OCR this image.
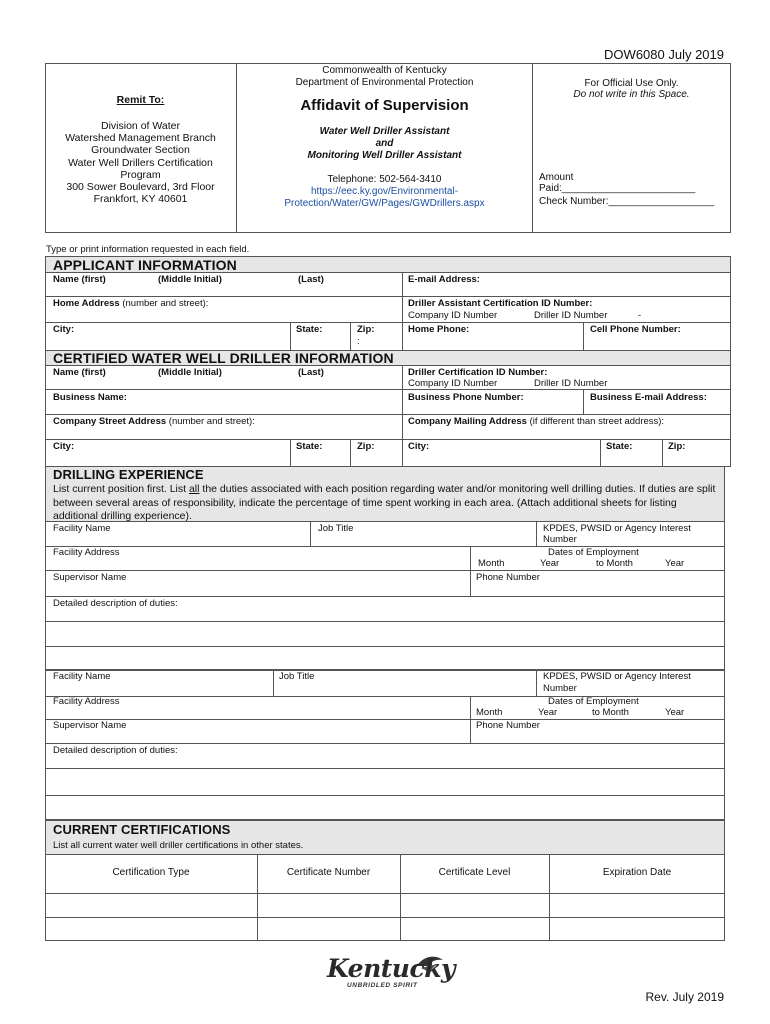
DOW6080 July 2019
Remit To:
Division of Water
Watershed Management Branch
Groundwater Section
Water Well Drillers Certification
Program
300 Sower Boulevard, 3rd Floor
Frankfort, KY 40601
Commonwealth of Kentucky
Department of Environmental Protection
Affidavit of Supervision
Water Well Driller Assistant
and
Monitoring Well Driller Assistant
Telephone: 502-564-3410
https://eec.ky.gov/Environmental-
Protection/Water/GW/Pages/GWDrillers.aspx
For Official Use Only.
Do not write in this Space.
Amount Paid:________________________
Check Number:___________________
Type or print information requested in each field.
APPLICANT INFORMATION
Name (first)	(Middle Initial)	(Last)	E-mail Address:
Home Address (number and street):	Driller Assistant Certification ID Number:
Company ID Number	Driller ID Number	-
City:	State:	Zip:
:
Home Phone:	Cell Phone Number:
CERTIFIED WATER WELL DRILLER INFORMATION
Name (first)	(Middle Initial)	(Last)	Driller Certification ID Number:
Company ID Number	Driller ID Number
Business Name:	Business Phone Number:	Business E-mail Address:
Company Street Address (number and street):	Company Mailing Address (if different than street address):
City:	State:	Zip:	City:	State:	Zip:
DRILLING EXPERIENCE
List current position first. List all the duties associated with each position regarding water and/or monitoring well drilling duties. If duties are split between several areas of responsibility, indicate the percentage of time spent working in each area. (Attach additional sheets for listing additional drilling experience).
Facility Name	Job Title	KPDES, PWSID or Agency Interest
Number
Facility Address	Dates of Employment
Month	Year	to Month	Year
Supervisor Name	Phone Number
Detailed description of duties:
Facility Name	Job Title	KPDES, PWSID or Agency Interest
Number
Facility Address	Dates of Employment
Month	Year	to Month	Year
Supervisor Name	Phone Number
Detailed description of duties:
CURRENT CERTIFICATIONS
List all current water well driller certifications in other states.
Certification Type	Certificate Number	Certificate Level	Expiration Date
Kentucky
UNBRIDLED SPIRIT
Rev. July 2019
